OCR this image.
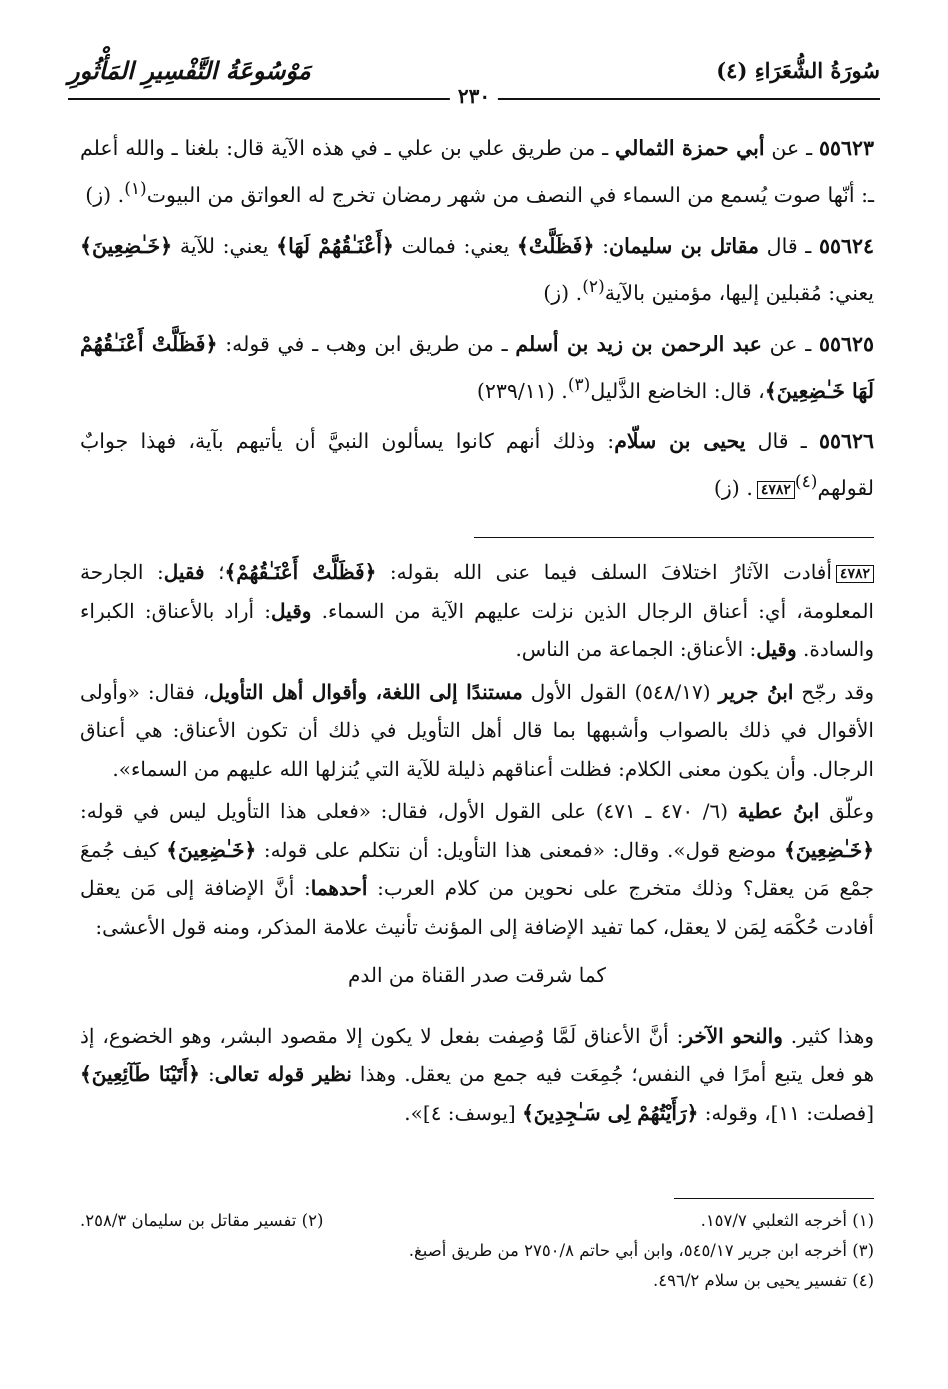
سُورَةُ الشُّعَرَاءِ (٤)
مَوْسُوعَةُ التَّفْسِيرِ المَأْثُورِ
٢٣٠
٥٥٦٢٣ ـ عن أبي حمزة الثمالي ـ من طريق علي بن علي ـ في هذه الآية قال: بلغنا ـ والله أعلم ـ: أنّها صوت يُسمع من السماء في النصف من شهر رمضان تخرج له العواتق من البيوت$^{(١)}$. (ز)
٥٥٦٢٤ ـ قال مقاتل بن سليمان: ﴿فَظَلَّتْ﴾ يعني: فمالت ﴿أَعْنَـٰقُهُمْ لَهَا﴾ يعني: للآية ﴿خَـٰضِعِينَ﴾ يعني: مُقبلين إليها، مؤمنين بالآية$^{(٢)}$. (ز)
٥٥٦٢٥ ـ عن عبد الرحمن بن زيد بن أسلم ـ من طريق ابن وهب ـ في قوله: ﴿فَظَلَّتْ أَعْنَـٰقُهُمْ لَهَا خَـٰضِعِينَ﴾، قال: الخاضع الذَّليل$^{(٣)}$. (٢٣٩/١١)
٥٥٦٢٦ ـ قال يحيى بن سلّام: وذلك أنهم كانوا يسألون النبيَّ أن يأتيهم بآية، فهذا جوابٌ لقولهم$^{(٤)}$٤٧٨٢. (ز)

٤٧٨٢أفادت الآثارُ اختلافَ السلف فيما عنى الله بقوله: ﴿فَظَلَّتْ أَعْنَـٰقُهُمْ﴾؛ فقيل: الجارحة المعلومة، أي: أعناق الرجال الذين نزلت عليهم الآية من السماء. وقيل: أراد بالأعناق: الكبراء والسادة. وقيل: الأعناق: الجماعة من الناس.

وقد رجّح ابنُ جرير (٥٤٨/١٧) القول الأول مستندًا إلى اللغة، وأقوال أهل التأويل، فقال: «وأولى الأقوال في ذلك بالصواب وأشبهها بما قال أهل التأويل في ذلك أن تكون الأعناق: هي أعناق الرجال. وأن يكون معنى الكلام: فظلت أعناقهم ذليلة للآية التي يُنزلها الله عليهم من السماء».

وعلّق ابنُ عطية (٦/ ٤٧٠ ـ ٤٧١) على القول الأول، فقال: «فعلى هذا التأويل ليس في قوله: ﴿خَـٰضِعِينَ﴾ موضع قول». وقال: «فمعنى هذا التأويل: أن نتكلم على قوله: ﴿خَـٰضِعِينَ﴾ كيف جُمعَ جمْع مَن يعقل؟ وذلك متخرج على نحوين من كلام العرب: أحدهما: أنَّ الإضافة إلى مَن يعقل أفادت حُكْمَه لِمَن لا يعقل، كما تفيد الإضافة إلى المؤنث تأنيث علامة المذكر، ومنه قول الأعشى:

كما شرقت صدر القناة من الدم

وهذا كثير. والنحو الآخر: أنَّ الأعناق لَمَّا وُصِفت بفعل لا يكون إلا مقصود البشر، وهو الخضوع، إذ هو فعل يتبع أمرًا في النفس؛ جُمِعَت فيه جمع من يعقل. وهذا نظير قوله تعالى: ﴿أَتَيْنَا طَآئِعِينَ﴾ [فصلت: ١١]، وقوله: ﴿رَأَيْتُهُمْ لِى سَـٰجِدِينَ﴾ [يوسف: ٤]».

(١) أخرجه الثعلبي ١٥٧/٧.
(٢) تفسير مقاتل بن سليمان ٢٥٨/٣.
(٣) أخرجه ابن جرير ٥٤٥/١٧، وابن أبي حاتم ٢٧٥٠/٨ من طريق أصبغ.
(٤) تفسير يحيى بن سلام ٤٩٦/٢.
